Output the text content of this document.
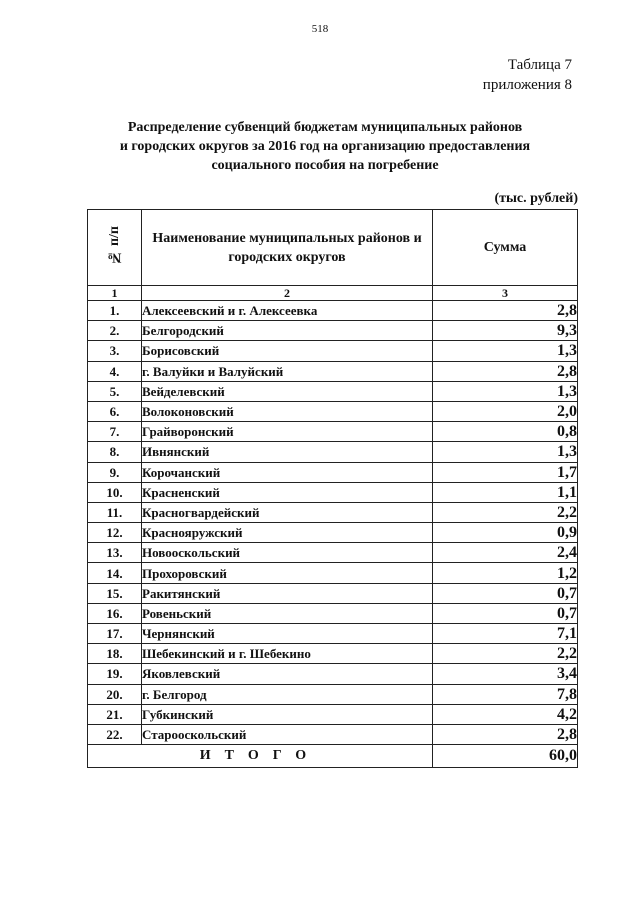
518
Таблица 7
приложения 8
Распределение субвенций бюджетам муниципальных районов
и городских округов за 2016 год на организацию предоставления
социального пособия на погребение
(тыс. рублей)
№ п/п	Наименование муниципальных районов и городских округов	Сумма
1	2	3
1.	Алексеевский и г. Алексеевка	2,8
2.	Белгородский	9,3
3.	Борисовский	1,3
4.	г. Валуйки и Валуйский	2,8
5.	Вейделевский	1,3
6.	Волоконовский	2,0
7.	Грайворонский	0,8
8.	Ивнянский	1,3
9.	Корочанский	1,7
10.	Красненский	1,1
11.	Красногвардейский	2,2
12.	Краснояружский	0,9
13.	Новооскольский	2,4
14.	Прохоровский	1,2
15.	Ракитянский	0,7
16.	Ровеньский	0,7
17.	Чернянский	7,1
18.	Шебекинский и г. Шебекино	2,2
19.	Яковлевский	3,4
20.	г. Белгород	7,8
21.	Губкинский	4,2
22.	Старооскольский	2,8
ИТОГО		60,0
